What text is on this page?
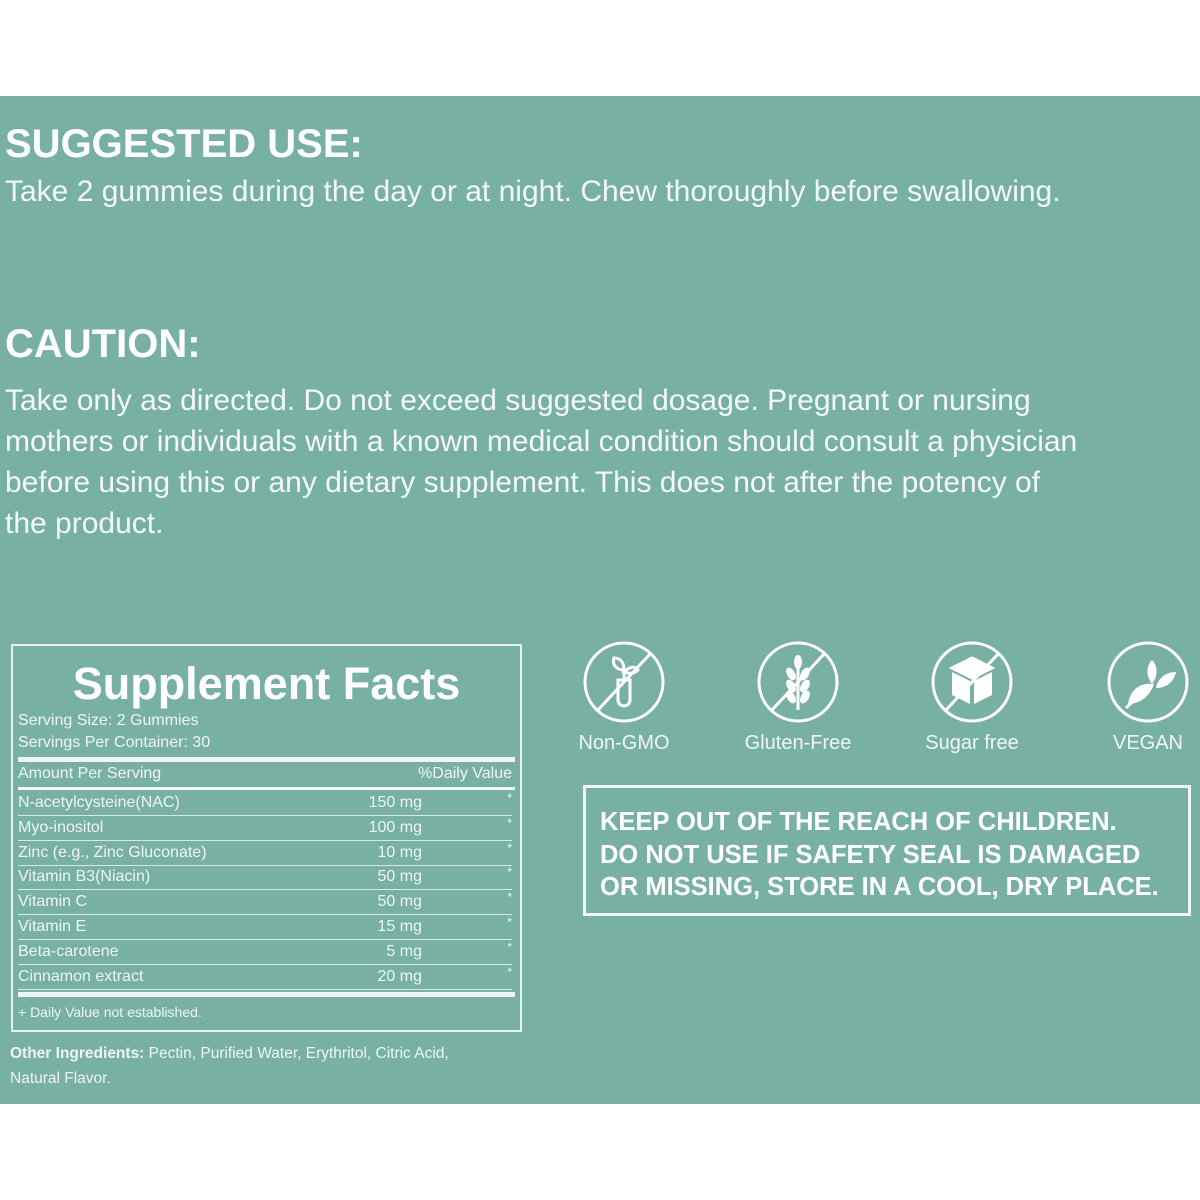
SUGGESTED USE:
Take 2 gummies during the day or at night. Chew thoroughly before swallowing.
CAUTION:
Take only as directed. Do not exceed suggested dosage. Pregnant or nursing
mothers or individuals with a known medical condition should consult a physician
before using this or any dietary supplement. This does not after the potency of
the product.
Supplement Facts
Serving Size: 2 Gummies
Servings Per Container: 30
Amount Per Serving	%Daily Value
N-acetylcysteine(NAC)	150 mg	*
Myo-inositol	100 mg	*
Zinc (e.g., Zinc Gluconate)	10 mg	*
Vitamin B3(Niacin)	50 mg	*
Vitamin C	50 mg	*
Vitamin E	15 mg	*
Beta-carotene	5 mg	*
Cinnamon extract	20 mg	*
+ Daily Value not established.
Other Ingredients: Pectin, Purified Water, Erythritol, Citric Acid,
Natural Flavor.
Non-GMO	Gluten-Free	Sugar free	VEGAN
KEEP OUT OF THE REACH OF CHILDREN.
DO NOT USE IF SAFETY SEAL IS DAMAGED
OR MISSING, STORE IN A COOL, DRY PLACE.
